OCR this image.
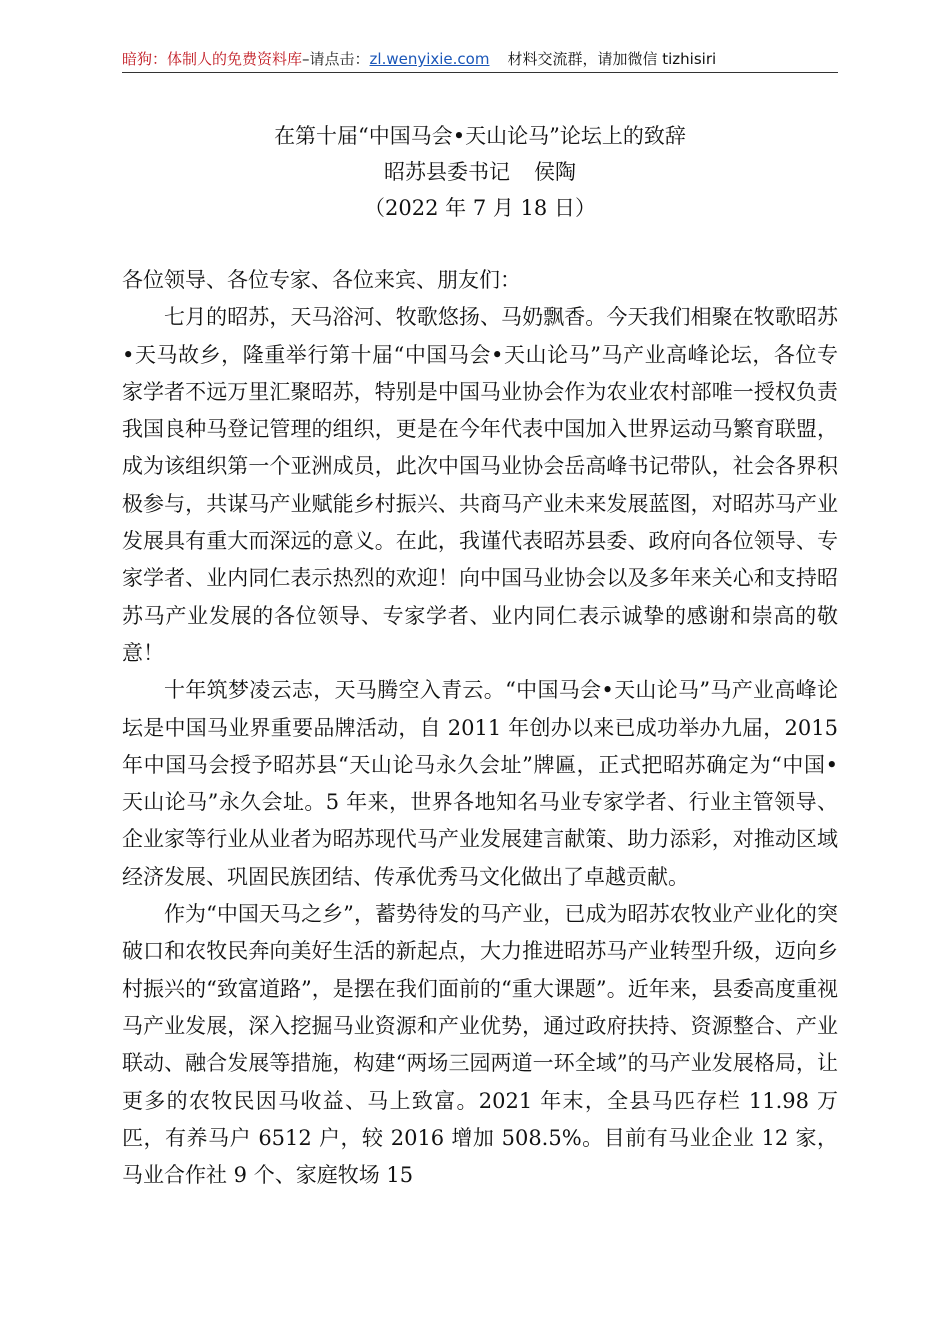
暗狗：体制人的免费资料库–请点击：zl.wenyixie.com 材料交流群，请加微信 tizhisiri
在第十届“中国马会•天山论马”论坛上的致辞
昭苏县委书记 侯陶
（2022 年 7 月 18 日）

各位领导、各位专家、各位来宾、朋友们：

七月的昭苏，天马浴河、牧歌悠扬、马奶飘香。今天我们相聚在牧歌昭苏•天马故乡，隆重举行第十届“中国马会•天山论马”马产业高峰论坛，各位专家学者不远万里汇聚昭苏，特别是中国马业协会作为农业农村部唯一授权负责我国良种马登记管理的组织，更是在今年代表中国加入世界运动马繁育联盟，成为该组织第一个亚洲成员，此次中国马业协会岳高峰书记带队，社会各界积极参与，共谋马产业赋能乡村振兴、共商马产业未来发展蓝图，对昭苏马产业发展具有重大而深远的意义。在此，我谨代表昭苏县委、政府向各位领导、专家学者、业内同仁表示热烈的欢迎！向中国马业协会以及多年来关心和支持昭苏马产业发展的各位领导、专家学者、业内同仁表示诚挚的感谢和崇高的敬意！

十年筑梦凌云志，天马腾空入青云。“中国马会•天山论马”马产业高峰论坛是中国马业界重要品牌活动，自 2011 年创办以来已成功举办九届，2015 年中国马会授予昭苏县“天山论马永久会址”牌匾，正式把昭苏确定为“中国•天山论马”永久会址。5 年来，世界各地知名马业专家学者、行业主管领导、企业家等行业从业者为昭苏现代马产业发展建言献策、助力添彩，对推动区域经济发展、巩固民族团结、传承优秀马文化做出了卓越贡献。

作为“中国天马之乡”，蓄势待发的马产业，已成为昭苏农牧业产业化的突破口和农牧民奔向美好生活的新起点，大力推进昭苏马产业转型升级，迈向乡村振兴的“致富道路”，是摆在我们面前的“重大课题”。近年来，县委高度重视马产业发展，深入挖掘马业资源和产业优势，通过政府扶持、资源整合、产业联动、融合发展等措施，构建“两场三园两道一环全域”的马产业发展格局，让更多的农牧民因马收益、马上致富。2021 年末，全县马匹存栏 11.98 万匹，有养马户 6512 户，较 2016 增加 508.5%。目前有马业企业 12 家，马业合作社 9 个、家庭牧场 15
